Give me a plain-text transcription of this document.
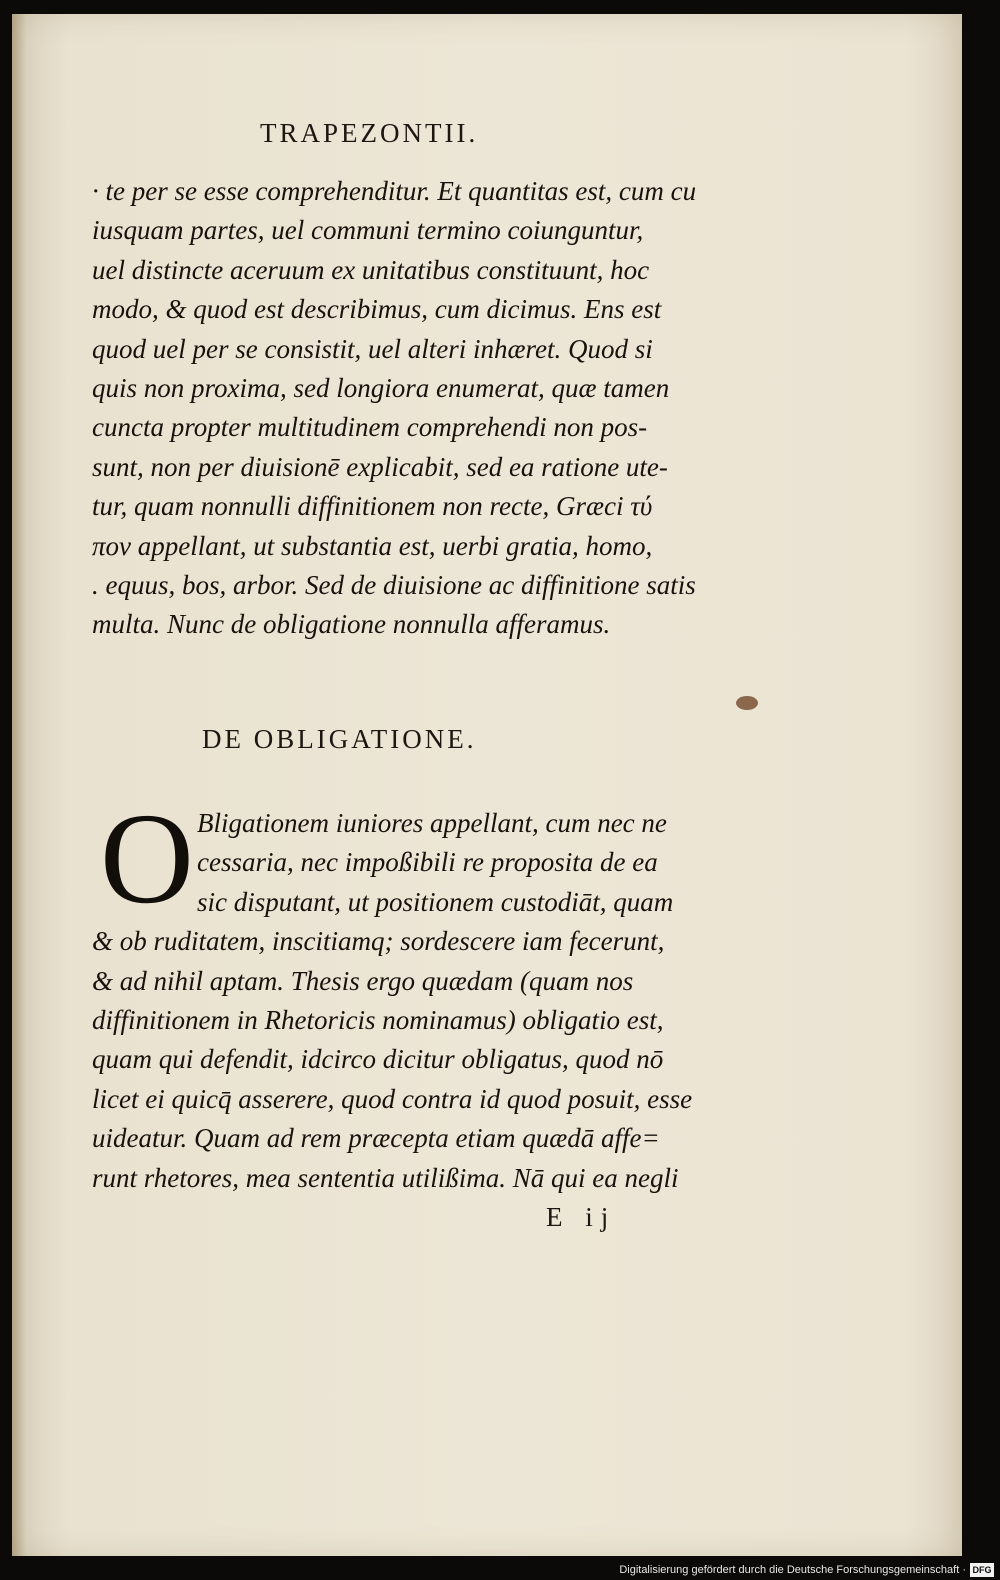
TRAPEZONTII.
· te per se esse comprehenditur. Et quantitas est, cum cu
iusquam partes, uel communi termino coiunguntur,
uel distincte aceruum ex unitatibus constituunt, hoc
modo, & quod est describimus, cum dicimus. Ens est
quod uel per se consistit, uel alteri inhæret. Quod si
quis non proxima, sed longiora enumerat, quæ tamen
cuncta propter multitudinem comprehendi non pos-
sunt, non per diuisionē explicabit, sed ea ratione ute-
tur, quam nonnulli diffinitionem non recte, Græci τύ
πον appellant, ut substantia est, uerbi gratia, homo,
. equus, bos, arbor. Sed de diuisione ac diffinitione satis
multa. Nunc de obligatione nonnulla afferamus.
DE OBLIGATIONE.
O Bligationem iuniores appellant, cum nec ne
cessaria, nec impoßibili re proposita de ea
sic disputant, ut positionem custodiāt, quam
& ob ruditatem, inscitiamq; sordescere iam fecerunt,
& ad nihil aptam. Thesis ergo quædam (quam nos
diffinitionem in Rhetoricis nominamus) obligatio est,
quam qui defendit, idcirco dicitur obligatus, quod nō
licet ei quicq̄ asserere, quod contra id quod posuit, esse
uideatur. Quam ad rem præcepta etiam quædā affe=
runt rhetores, mea sententia utilißima. Nā qui ea negli
E ij
Digitalisierung gefördert durch die Deutsche Forschungsgemeinschaft · DFG
